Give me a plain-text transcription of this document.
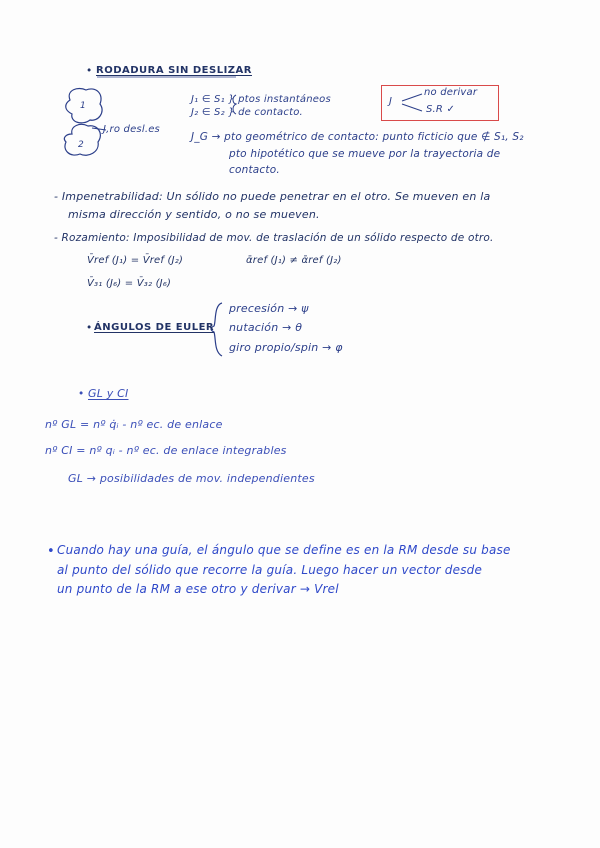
• RODADURA SIN DESLIZAR
1
2
J,ro desl.es
J₁ ∈ S₁ } ptos instantáneos
J₂ ∈ S₂ } de contacto.
J
no derivar
S.R ✓
J_G → pto geométrico de contacto: punto ficticio que ∉ S₁, S₂
pto hipotético que se mueve por la trayectoria de
contacto.
- Impenetrabilidad: Un sólido no puede penetrar en el otro. Se mueven en la
misma dirección y sentido, o no se mueven.
- Rozamiento: Imposibilidad de mov. de traslación de un sólido respecto de otro.
V̄ref (J₁) = V̄ref (J₂)	ᾱref (J₁) ≠ ᾱref (J₂)
V̄₃₁ (J₆) = V̄₃₂ (J₆)
• ÁNGULOS DE EULER
precesión → ψ
nutación → θ
giro propio/spin → φ
• GL y CI
nº GL = nº q̇ᵢ - nº ec. de enlace
nº CI = nº qᵢ - nº ec. de enlace integrables
GL → posibilidades de mov. independientes
• Cuando hay una guía, el ángulo que se define es en la RM desde su base
al punto del sólido que recorre la guía. Luego hacer un vector desde
un punto de la RM a ese otro y derivar → Vrel
